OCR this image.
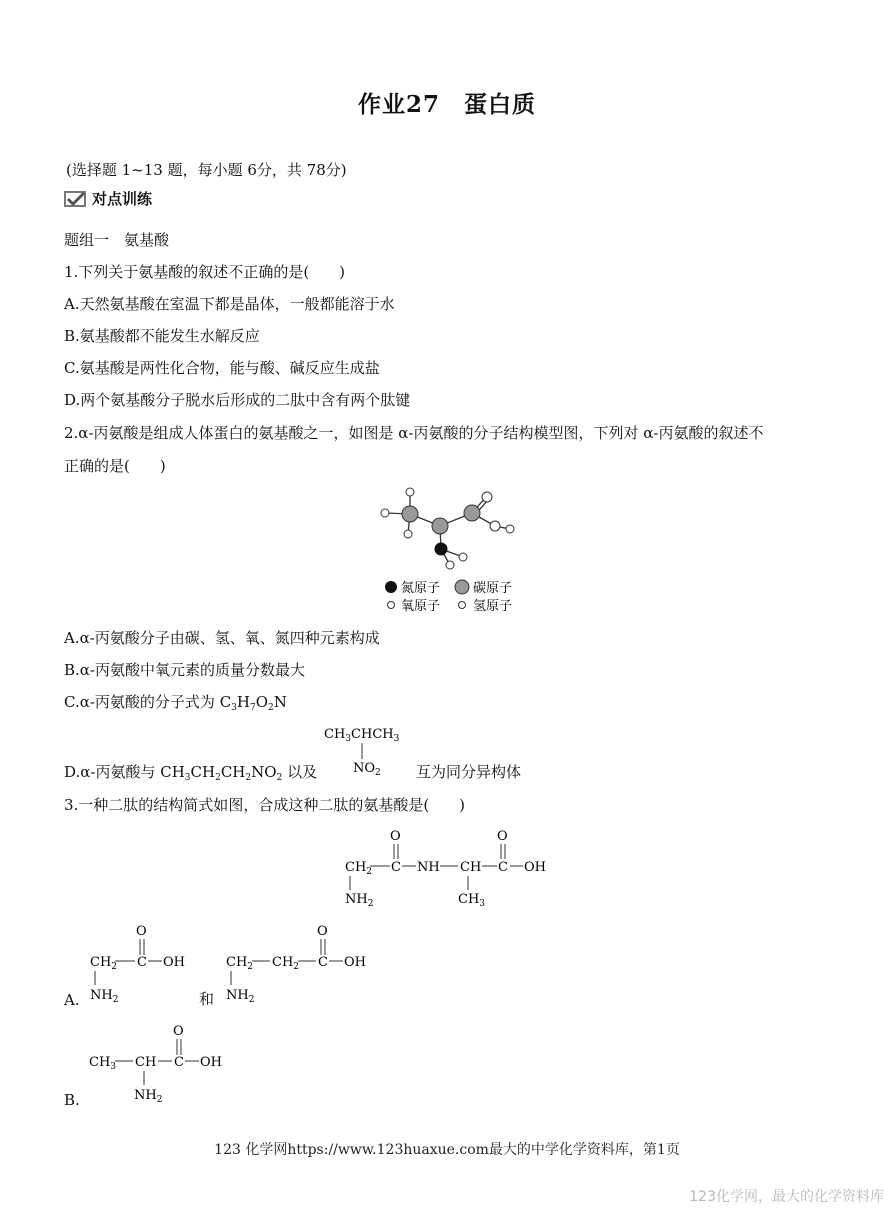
作业27　蛋白质
(选择题 1~13 题，每小题 6分，共 78分)
对点训练
题组一　氨基酸
1.下列关于氨基酸的叙述不正确的是(　　)
A.天然氨基酸在室温下都是晶体，一般都能溶于水
B.氨基酸都不能发生水解反应
C.氨基酸是两性化合物，能与酸、碱反应生成盐
D.两个氨基酸分子脱水后形成的二肽中含有两个肽键
2.α-丙氨酸是组成人体蛋白的氨基酸之一，如图是 α-丙氨酸的分子结构模型图，下列对 α-丙氨酸的叙述不
正确的是(　　)
氮原子	碳原子
氧原子	氢原子
A.α-丙氨酸分子由碳、氢、氧、氮四种元素构成
B.α-丙氨酸中氧元素的质量分数最大
C.α-丙氨酸的分子式为 $C_3H_7O_2N$
$CH_3CHCH_3$
$NO_2$
D.α-丙氨酸与 $CH_3CH_2CH_2NO_2$ 以及	互为同分异构体
3.一种二肽的结构简式如图，合成这种二肽的氨基酸是(　　)
O	O
$CH_2$ C NH CH C OH
$NH_2$	$CH_3$
O
$CH_2$ C OH
$NH_2$
A.	和
O
$CH_2$ $CH_2$ C OH
$NH_2$
O
$CH_3$ CH C OH
$NH_2$
B.
123 化学网https://www.123huaxue.com最大的中学化学资料库，第1页
123化学网，最大的化学资料库
